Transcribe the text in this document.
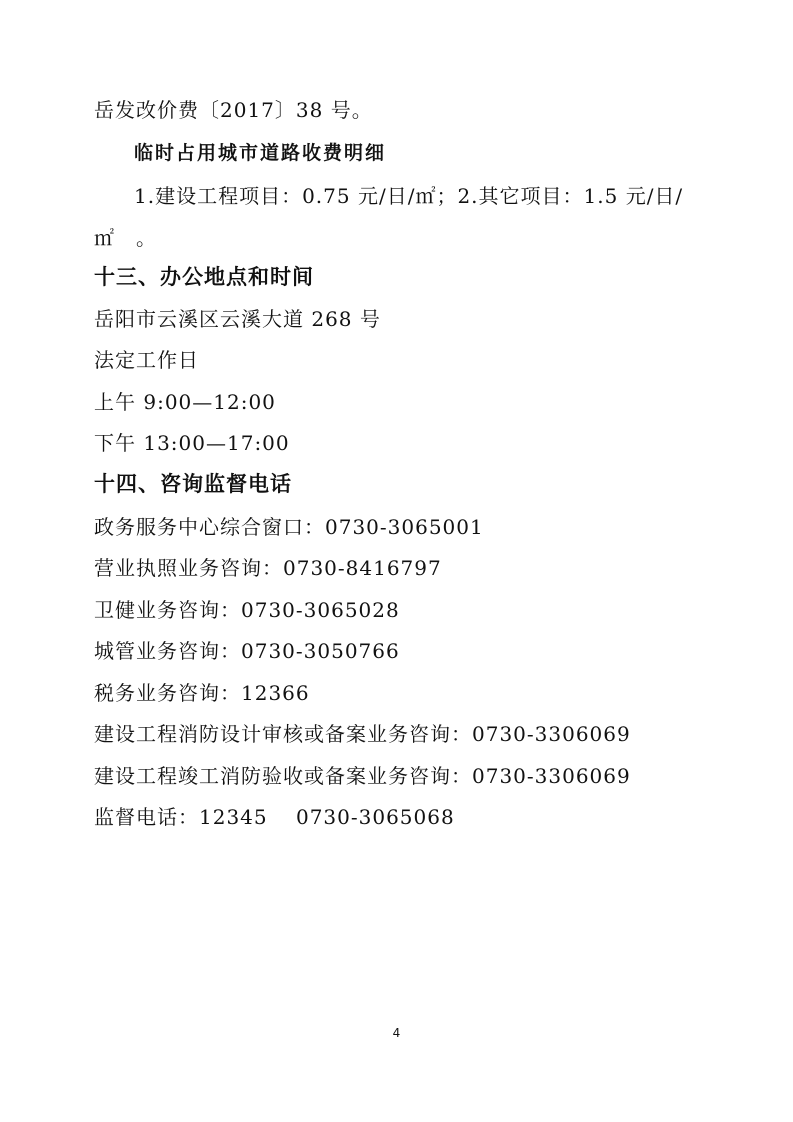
岳发改价费〔2017〕38 号。
临时占用城市道路收费明细
1.建设工程项目：0.75 元/日/㎡；2.其它项目：1.5 元/日/
㎡　。
十三、办公地点和时间
岳阳市云溪区云溪大道 268 号
法定工作日
上午 9:00—12:00
下午 13:00—17:00
十四、咨询监督电话
政务服务中心综合窗口：0730-3065001
营业执照业务咨询：0730-8416797
卫健业务咨询：0730-3065028
城管业务咨询：0730-3050766
税务业务咨询：12366
建设工程消防设计审核或备案业务咨询：0730-3306069
建设工程竣工消防验收或备案业务咨询：0730-3306069
监督电话：12345　 0730-3065068
4
